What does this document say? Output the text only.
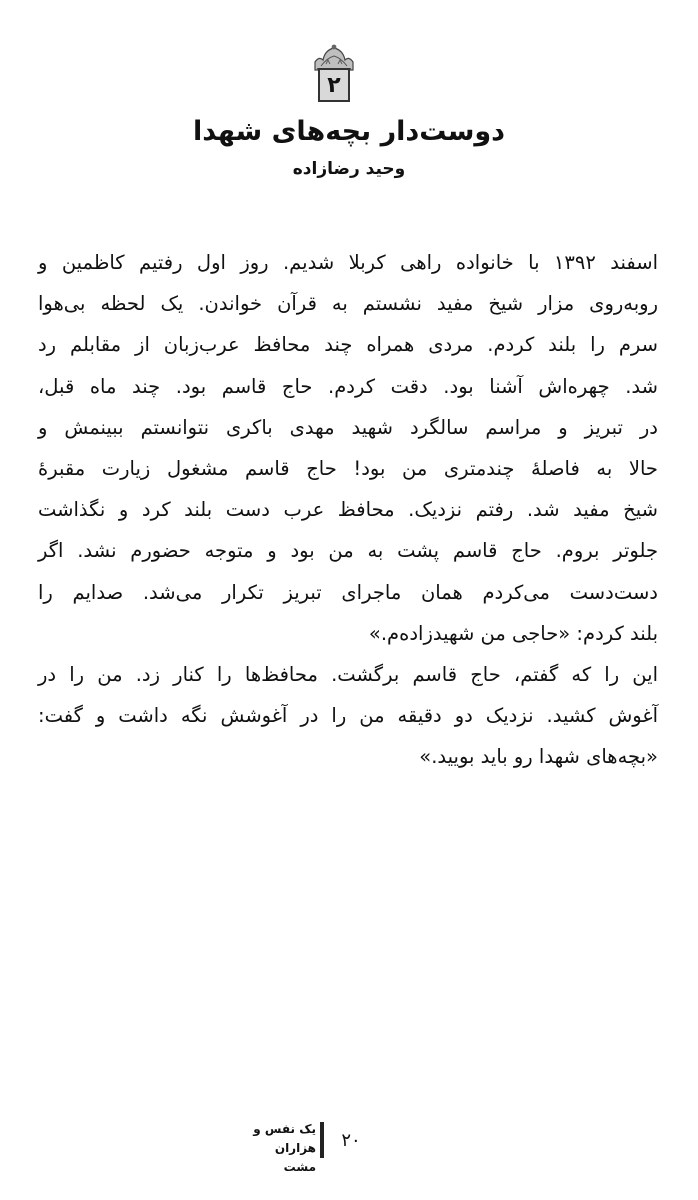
۲
دوست‌دار بچه‌های شهدا
وحید رضازاده
اسفند ۱۳۹۲ با خانواده راهی کربلا شدیم. روز اول رفتیم کاظمین و
روبه‌روی مزار شیخ مفید نشستم به قرآن خواندن. یک لحظه بی‌هوا
سرم را بلند کردم. مردی همراه چند محافظ عرب‌زبان از مقابلم رد
شد. چهره‌اش آشنا بود. دقت کردم. حاج قاسم بود. چند ماه قبل،
در تبریز و مراسم سالگرد شهید مهدی باکری نتوانستم ببینمش و
حالا به فاصلهٔ چندمتری من بود! حاج قاسم مشغول زیارت مقبرهٔ
شیخ مفید شد. رفتم نزدیک. محافظ عرب دست بلند کرد و نگذاشت
جلوتر بروم. حاج قاسم پشت به من بود و متوجه حضورم نشد. اگر
دست‌دست می‌کردم همان ماجرای تبریز تکرار می‌شد. صدایم را
بلند کردم: «حاجی من شهیدزاده‌م.»
این را که گفتم، حاج قاسم برگشت. محافظ‌ها را کنار زد. من را در
آغوش کشید. نزدیک دو دقیقه من را در آغوشش نگه داشت و گفت:
«بچه‌های شهدا رو باید بویید.»
۲۰
یک نفس و
هزاران مشت
